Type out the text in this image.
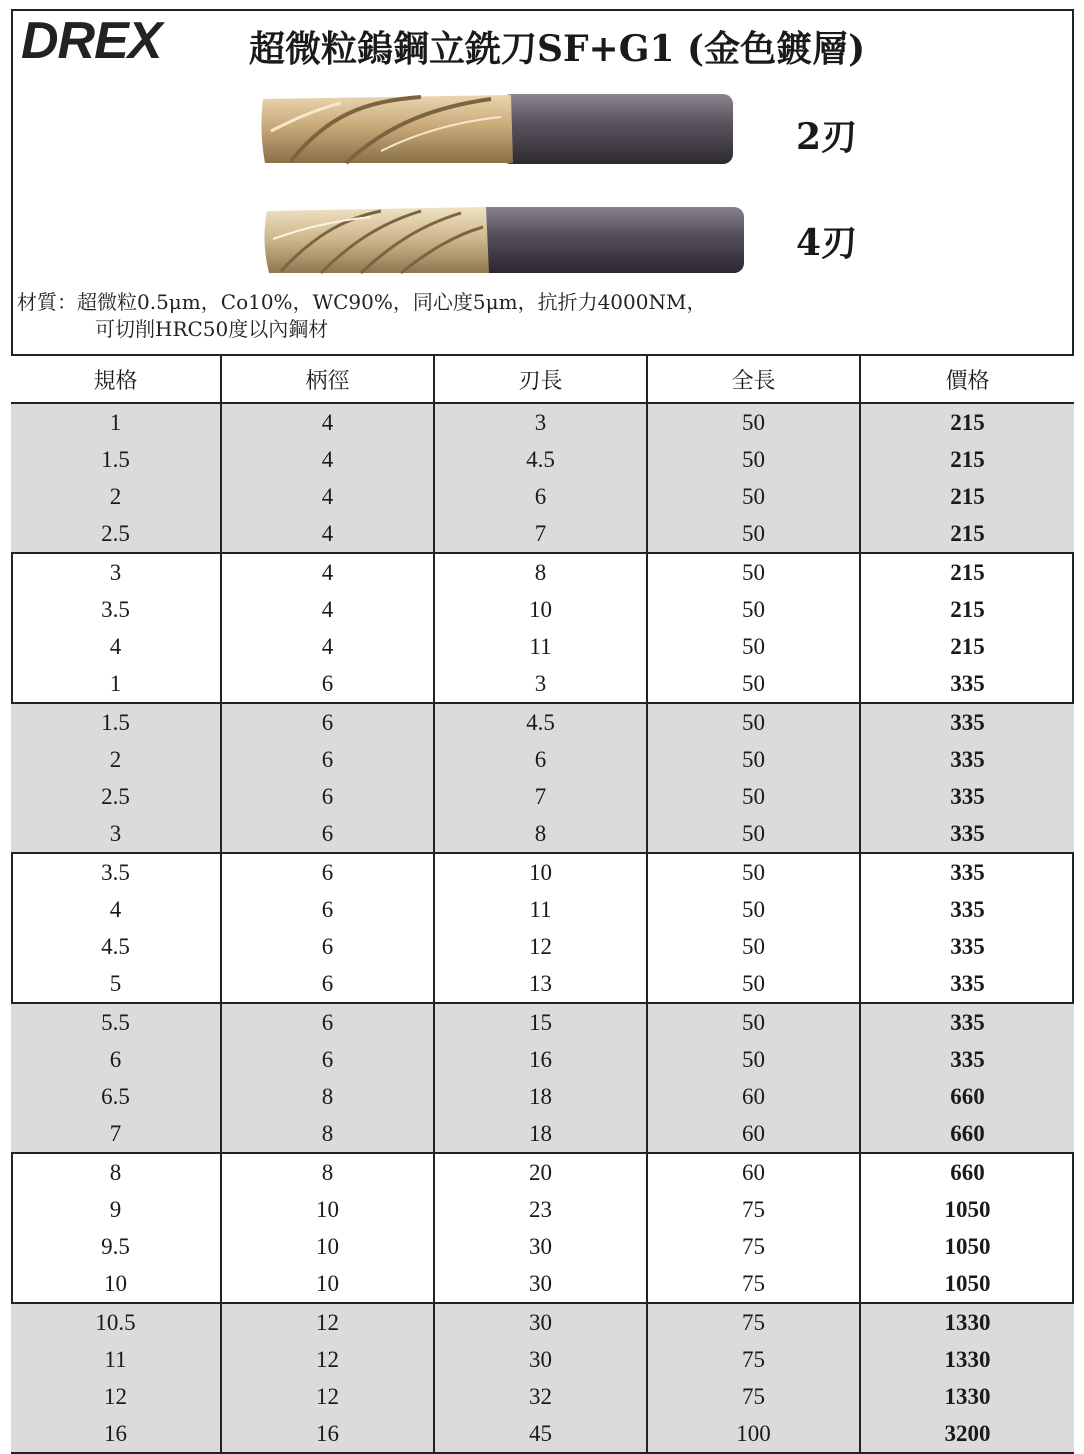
DREX 超微粒鎢鋼立銑刀SF+G1 (金色鍍層)
2刃
4刃
材質：超微粒0.5μm，Co10%，WC90%，同心度5μm，抗折力4000NM，
可切削HRC50度以內鋼材
規格	柄徑	刃長	全長	價格
1	4	3	50	215
1.5	4	4.5	50	215
2	4	6	50	215
2.5	4	7	50	215
3	4	8	50	215
3.5	4	10	50	215
4	4	11	50	215
1	6	3	50	335
1.5	6	4.5	50	335
2	6	6	50	335
2.5	6	7	50	335
3	6	8	50	335
3.5	6	10	50	335
4	6	11	50	335
4.5	6	12	50	335
5	6	13	50	335
5.5	6	15	50	335
6	6	16	50	335
6.5	8	18	60	660
7	8	18	60	660
8	8	20	60	660
9	10	23	75	1050
9.5	10	30	75	1050
10	10	30	75	1050
10.5	12	30	75	1330
11	12	30	75	1330
12	12	32	75	1330
16	16	45	100	3200
